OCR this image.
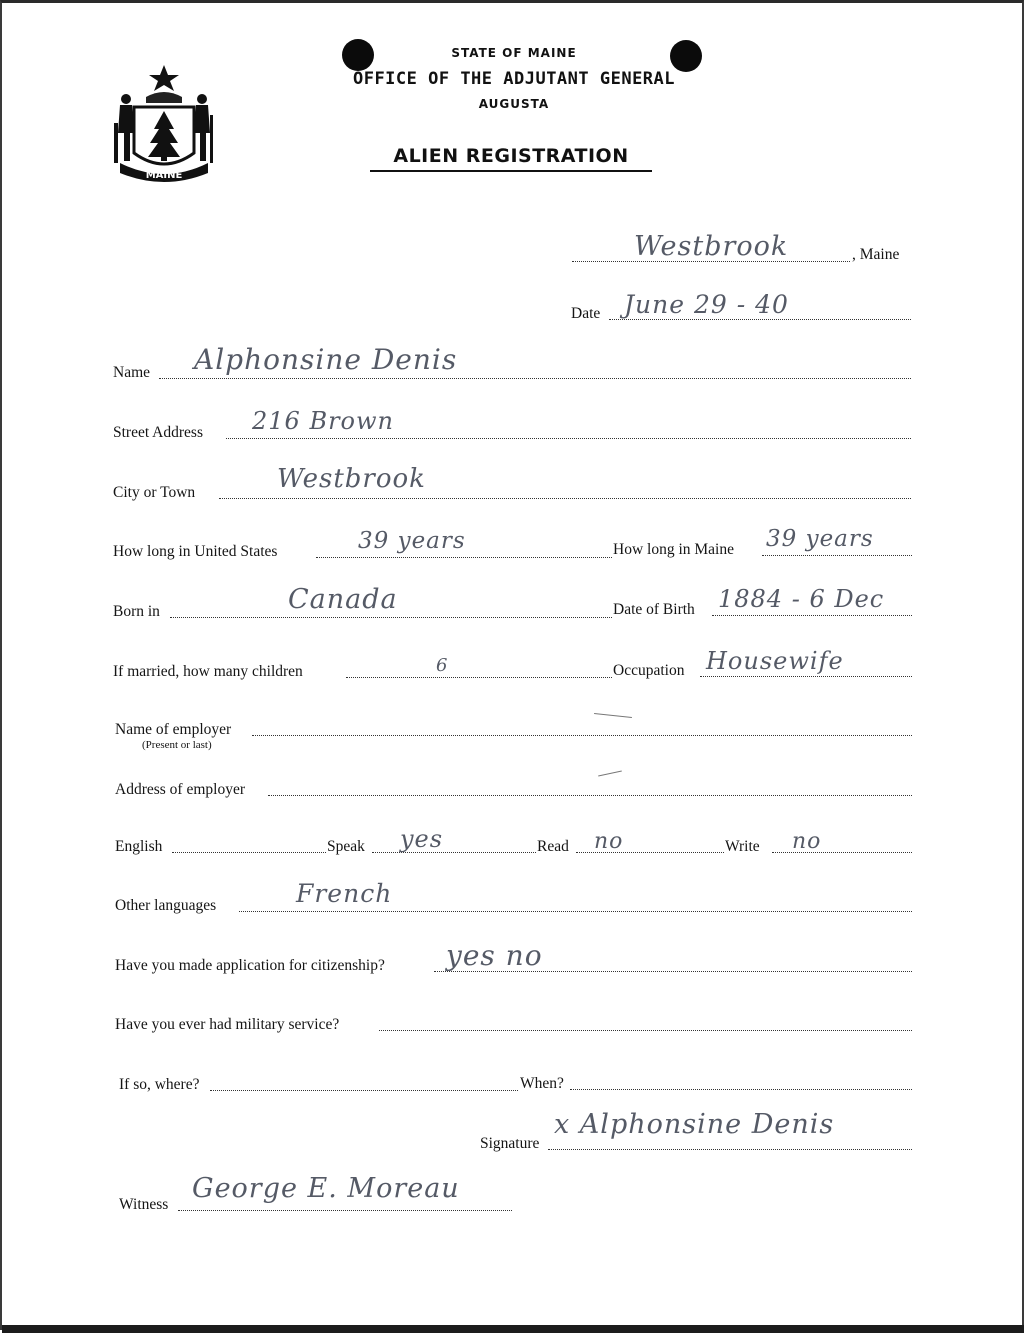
MAINE
STATE OF MAINE
OFFICE OF THE ADJUTANT GENERAL
AUGUSTA
ALIEN REGISTRATION
Westbrook	, Maine
Date June 29 - 40
Name Alphonsine Denis
Street Address 216 Brown
City or Town	Westbrook
How long in United States	39 years	How long in Maine 39 years
Born in	Canada	Date of Birth 1884 - 6 Dec
If married, how many children	6	Occupation Housewife
Name of employer
(Present or last)
Address of employer
English	Speak yes	Read no	Write no
Other languages	French
Have you made application for citizenship? yes no
Have you ever had military service?
If so, where?	When?
Signature
x Alphonsine Denis
Witness
George E. Moreau
